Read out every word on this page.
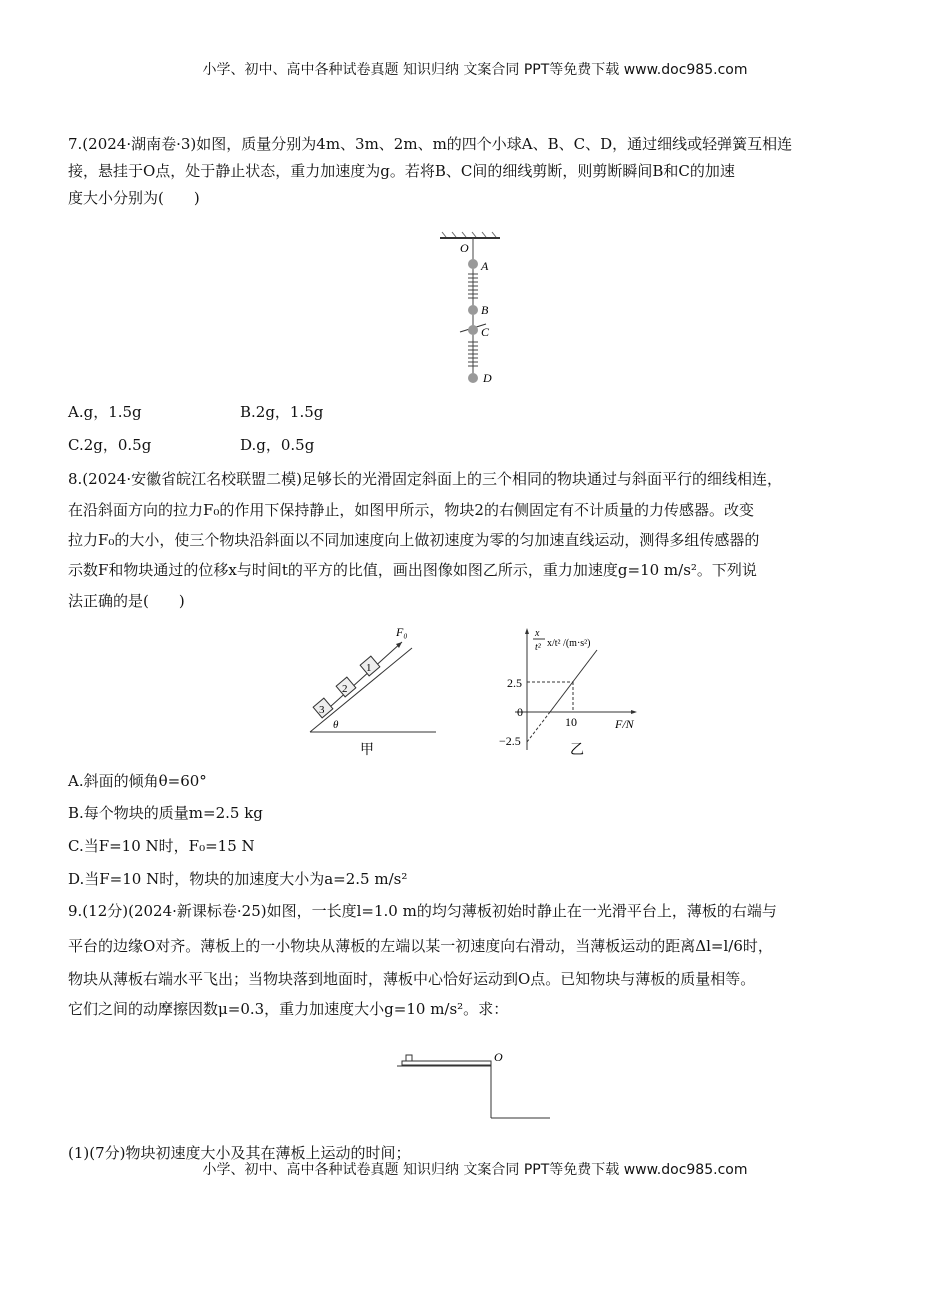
小学、初中、高中各种试卷真题 知识归纳 文案合同 PPT等免费下载 www.doc985.com
7.(2024·湖南卷·3)如图，质量分别为4m、3m、2m、m的四个小球A、B、C、D，通过细线或轻弹簧互相连
接，悬挂于O点，处于静止状态，重力加速度为g。若将B、C间的细线剪断，则剪断瞬间B和C的加速
度大小分别为(　　)
O
A
B
C
D
A.g，1.5g	B.2g，1.5g
C.2g，0.5g	D.g，0.5g
8.(2024·安徽省皖江名校联盟二模)足够长的光滑固定斜面上的三个相同的物块通过与斜面平行的细线相连，
在沿斜面方向的拉力F₀的作用下保持静止，如图甲所示，物块2的右侧固定有不计质量的力传感器。改变
拉力F₀的大小，使三个物块沿斜面以不同加速度向上做初速度为零的匀加速直线运动，测得多组传感器的
示数F和物块通过的位移x与时间t的平方的比值，画出图像如图乙所示，重力加速度g=10 m/s²。下列说
法正确的是(　　)
F₀
1
2
3
θ
甲
x
t² x/t² /(m·s²)
F/N
2.5
0
−2.5
10
乙
A.斜面的倾角θ=60°
B.每个物块的质量m=2.5 kg
C.当F=10 N时，F₀=15 N
D.当F=10 N时，物块的加速度大小为a=2.5 m/s²
9.(12分)(2024·新课标卷·25)如图，一长度l=1.0 m的均匀薄板初始时静止在一光滑平台上，薄板的右端与
平台的边缘O对齐。薄板上的一小物块从薄板的左端以某一初速度向右滑动，当薄板运动的距离Δl=l/6时，
物块从薄板右端水平飞出；当物块落到地面时，薄板中心恰好运动到O点。已知物块与薄板的质量相等。
它们之间的动摩擦因数μ=0.3，重力加速度大小g=10 m/s²。求：
O
(1)(7分)物块初速度大小及其在薄板上运动的时间；
小学、初中、高中各种试卷真题 知识归纳 文案合同 PPT等免费下载 www.doc985.com
